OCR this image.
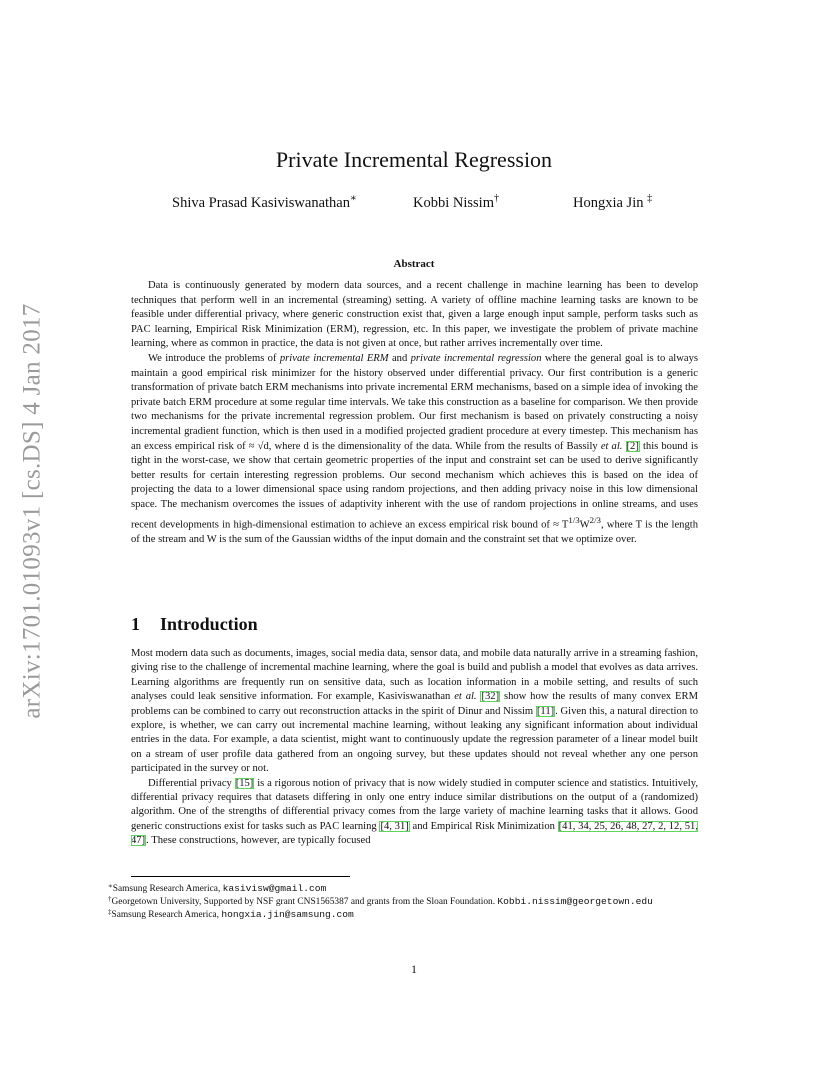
arXiv:1701.01093v1 [cs.DS] 4 Jan 2017
Private Incremental Regression
Shiva Prasad Kasiviswanathan∗	Kobbi Nissim†	Hongxia Jin ‡
Abstract

Data is continuously generated by modern data sources, and a recent challenge in machine learning has been to develop techniques that perform well in an incremental (streaming) setting. A variety of offline machine learning tasks are known to be feasible under differential privacy, where generic construction exist that, given a large enough input sample, perform tasks such as PAC learning, Empirical Risk Minimization (ERM), regression, etc. In this paper, we investigate the problem of private machine learning, where as common in practice, the data is not given at once, but rather arrives incrementally over time.

We introduce the problems of private incremental ERM and private incremental regression where the general goal is to always maintain a good empirical risk minimizer for the history observed under differential privacy. Our first contribution is a generic transformation of private batch ERM mechanisms into private incremental ERM mechanisms, based on a simple idea of invoking the private batch ERM procedure at some regular time intervals. We take this construction as a baseline for comparison. We then provide two mechanisms for the private incremental regression problem. Our first mechanism is based on privately constructing a noisy incremental gradient function, which is then used in a modified projected gradient procedure at every timestep. This mechanism has an excess empirical risk of ≈ √d, where d is the dimensionality of the data. While from the results of Bassily et al. [2] this bound is tight in the worst-case, we show that certain geometric properties of the input and constraint set can be used to derive significantly better results for certain interesting regression problems. Our second mechanism which achieves this is based on the idea of projecting the data to a lower dimensional space using random projections, and then adding privacy noise in this low dimensional space. The mechanism overcomes the issues of adaptivity inherent with the use of random projections in online streams, and uses recent developments in high-dimensional estimation to achieve an excess empirical risk bound of ≈ $T^{1/3}W^{2/3}$, where T is the length of the stream and W is the sum of the Gaussian widths of the input domain and the constraint set that we optimize over.

1 Introduction

Most modern data such as documents, images, social media data, sensor data, and mobile data naturally arrive in a streaming fashion, giving rise to the challenge of incremental machine learning, where the goal is build and publish a model that evolves as data arrives. Learning algorithms are frequently run on sensitive data, such as location information in a mobile setting, and results of such analyses could leak sensitive information. For example, Kasiviswanathan et al. [32] show how the results of many convex ERM problems can be combined to carry out reconstruction attacks in the spirit of Dinur and Nissim [11]. Given this, a natural direction to explore, is whether, we can carry out incremental machine learning, without leaking any significant information about individual entries in the data. For example, a data scientist, might want to continuously update the regression parameter of a linear model built on a stream of user profile data gathered from an ongoing survey, but these updates should not reveal whether any one person participated in the survey or not.

Differential privacy [15] is a rigorous notion of privacy that is now widely studied in computer science and statistics. Intuitively, differential privacy requires that datasets differing in only one entry induce similar distributions on the output of a (randomized) algorithm. One of the strengths of differential privacy comes from the large variety of machine learning tasks that it allows. Good generic constructions exist for tasks such as PAC learning [4, 31] and Empirical Risk Minimization [41, 34, 25, 26, 48, 27, 2, 12, 51, 47]. These constructions, however, are typically focused

∗Samsung Research America, kasivisw@gmail.com
†Georgetown University, Supported by NSF grant CNS1565387 and grants from the Sloan Foundation. Kobbi.nissim@georgetown.edu
‡Samsung Research America, hongxia.jin@samsung.com
1
